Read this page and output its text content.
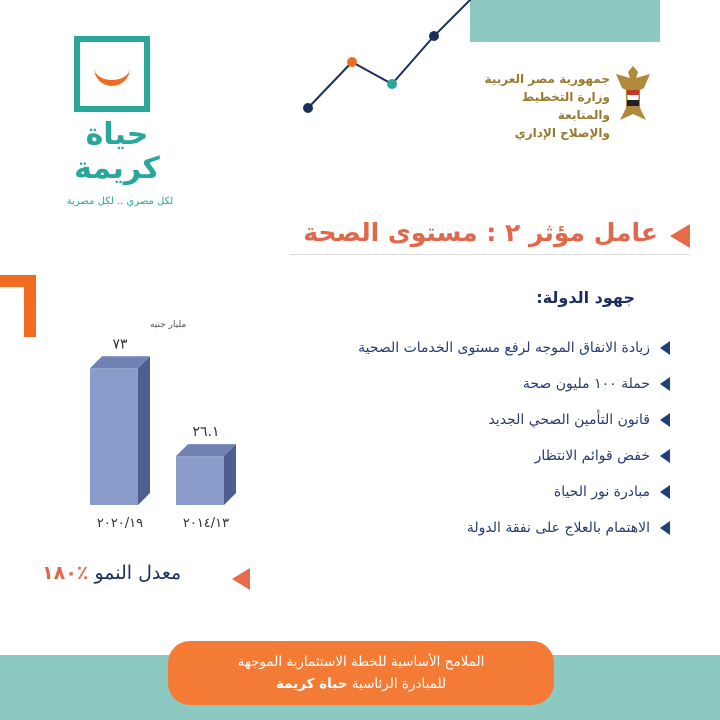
حياة
كريمة
لكل مصري .. لكل مصرية
جمهورية مصر العربية
وزارة التخطيط والمتابعة
والإصلاح الإداري
عامل مؤثر ٢ : مستوى الصحة
جهود الدولة:
زيادة الانفاق الموجه لرفع مستوى الخدمات الصحية
حملة ١٠٠ مليون صحة
قانون التأمين الصحي الجديد
خفض قوائم الانتظار
مبادرة نور الحياة
الاهتمام بالعلاج على نفقة الدولة
مليار جنيه
٧٣
٢٠٢٠/١٩
٢٦.١
٢٠١٤/١٣
معدل النمو ٪١٨٠
الملامح الأساسية للخطة الاستثمارية الموجهة
للمبادرة الرئاسية حياة كريمة
